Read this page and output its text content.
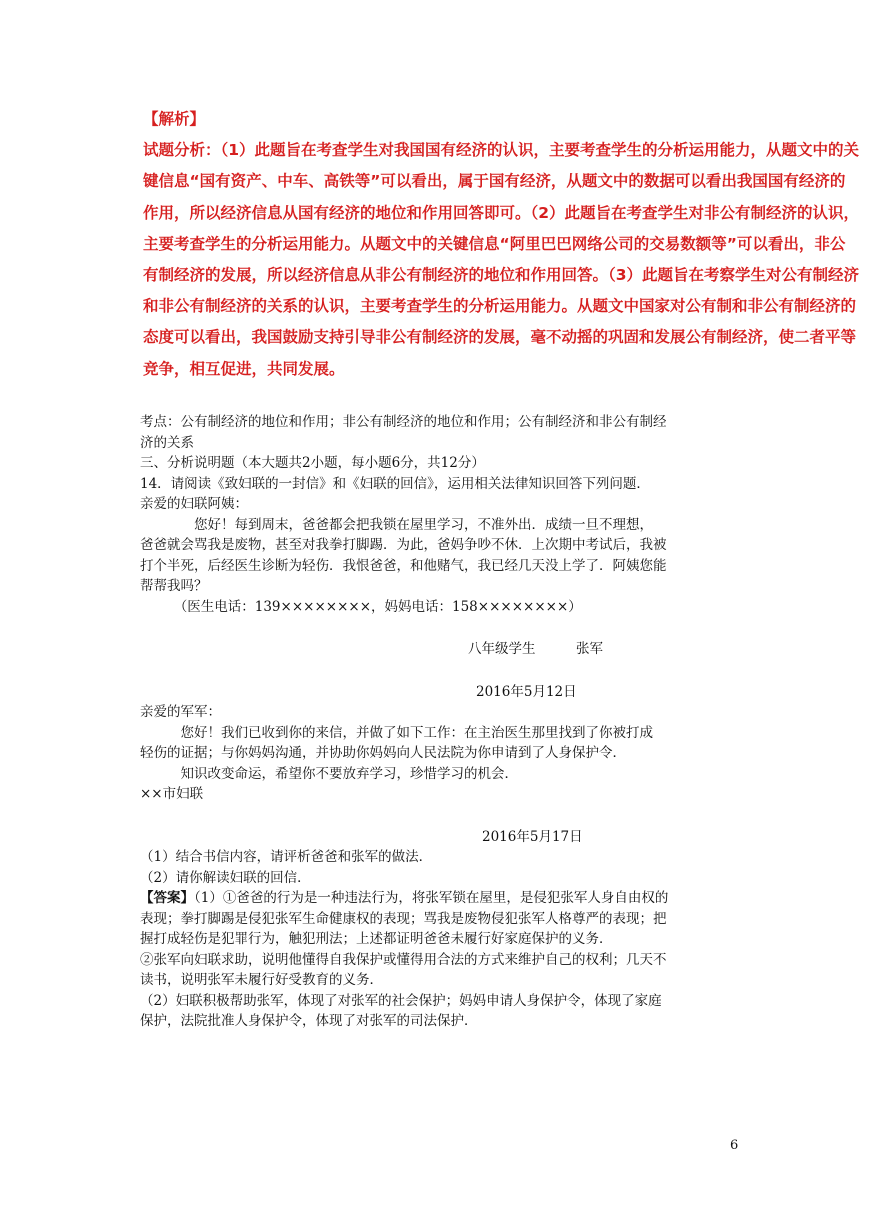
【解析】
试题分析：（1）此题旨在考查学生对我国国有经济的认识，主要考查学生的分析运用能力，从题文中的关
键信息“国有资产、中车、高铁等”可以看出，属于国有经济，从题文中的数据可以看出我国国有经济的
作用，所以经济信息从国有经济的地位和作用回答即可。（2）此题旨在考查学生对非公有制经济的认识，
主要考查学生的分析运用能力。从题文中的关键信息“阿里巴巴网络公司的交易数额等”可以看出，非公
有制经济的发展，所以经济信息从非公有制经济的地位和作用回答。（3）此题旨在考察学生对公有制经济
和非公有制经济的关系的认识，主要考查学生的分析运用能力。从题文中国家对公有制和非公有制经济的
态度可以看出，我国鼓励支持引导非公有制经济的发展，毫不动摇的巩固和发展公有制经济，使二者平等
竞争，相互促进，共同发展。
考点：公有制经济的地位和作用；非公有制经济的地位和作用；公有制经济和非公有制经
济的关系
三、分析说明题（本大题共2小题，每小题6分，共12分）
14．请阅读《致妇联的一封信》和《妇联的回信》，运用相关法律知识回答下列问题．
亲爱的妇联阿姨：
　　　　您好！每到周末，爸爸都会把我锁在屋里学习，不准外出．成绩一旦不理想，
爸爸就会骂我是废物，甚至对我拳打脚踢．为此，爸妈争吵不休．上次期中考试后，我被
打个半死，后经医生诊断为轻伤．我恨爸爸，和他赌气，我已经几天没上学了．阿姨您能
帮帮我吗？
　　　（医生电话：139××××××××，妈妈电话：158××××××××）
八年级学生　　　张军
2016年5月12日
亲爱的军军：
　　　您好！我们已收到你的来信，并做了如下工作：在主治医生那里找到了你被打成
轻伤的证据；与你妈妈沟通，并协助你妈妈向人民法院为你申请到了人身保护令．
　　　知识改变命运，希望你不要放弃学习，珍惜学习的机会．
××市妇联
2016年5月17日
（1）结合书信内容，请评析爸爸和张军的做法．
（2）请你解读妇联的回信．
【答案】（1）①爸爸的行为是一种违法行为，将张军锁在屋里，是侵犯张军人身自由权的
表现；拳打脚踢是侵犯张军生命健康权的表现；骂我是废物侵犯张军人格尊严的表现；把
握打成轻伤是犯罪行为，触犯刑法；上述都证明爸爸未履行好家庭保护的义务．
②张军向妇联求助，说明他懂得自我保护或懂得用合法的方式来维护自己的权利；几天不
读书，说明张军未履行好受教育的义务．
（2）妇联积极帮助张军，体现了对张军的社会保护；妈妈申请人身保护令，体现了家庭
保护，法院批准人身保护令，体现了对张军的司法保护．
6
